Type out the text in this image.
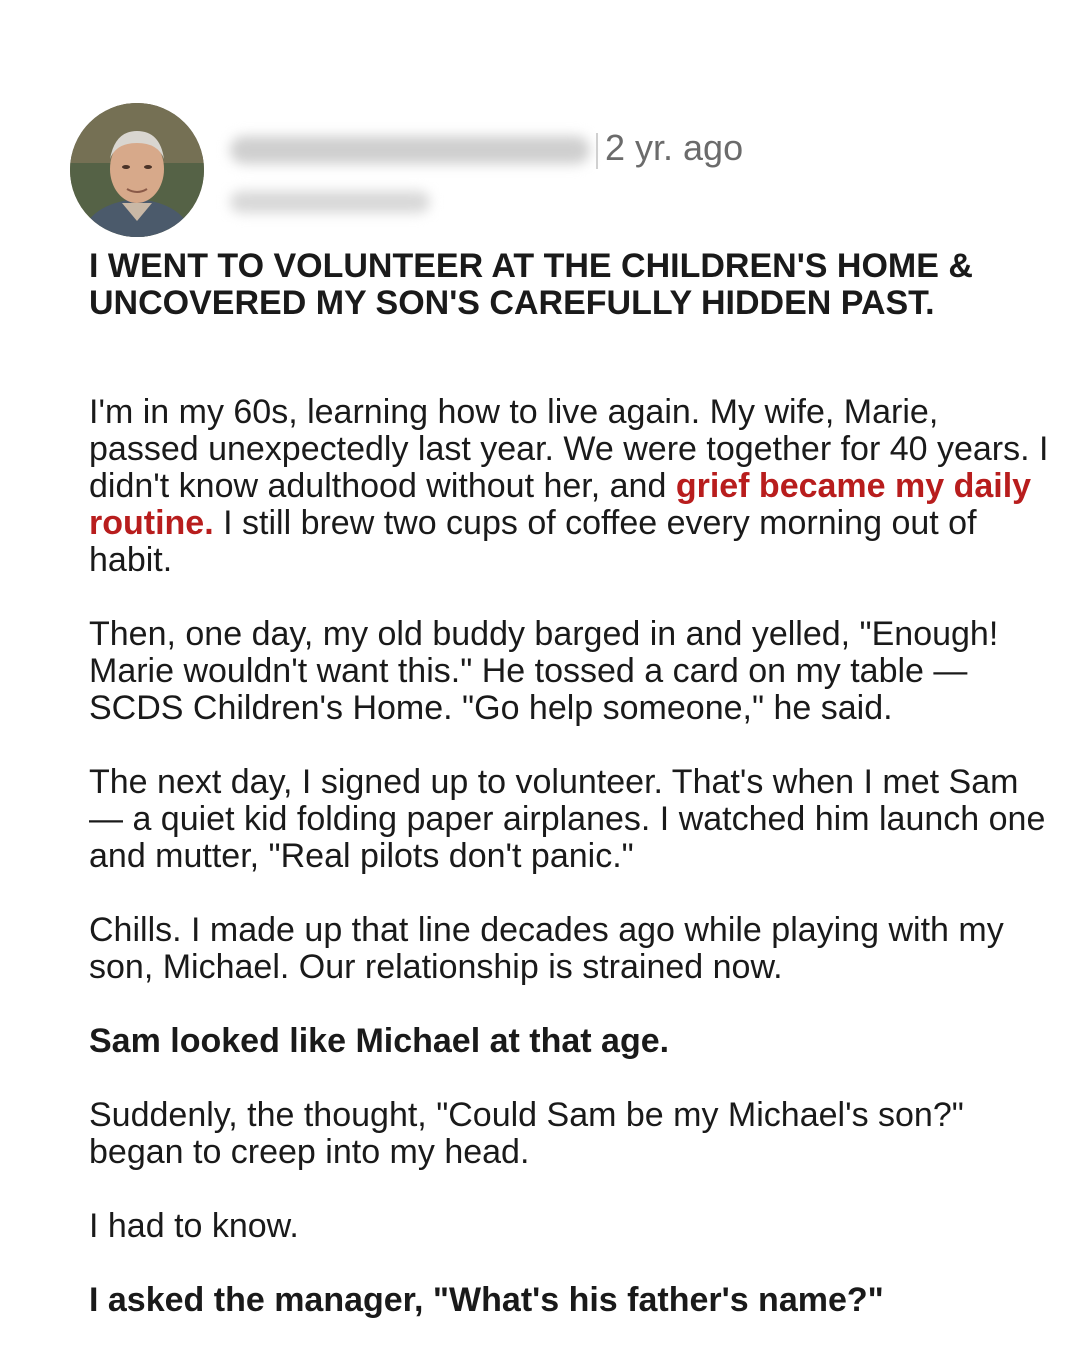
2 yr. ago
I WENT TO VOLUNTEER AT THE CHILDREN'S HOME & UNCOVERED MY SON'S CAREFULLY HIDDEN PAST.

I'm in my 60s, learning how to live again. My wife, Marie, passed unexpectedly last year. We were together for 40 years. I didn't know adulthood without her, and grief became my daily routine. I still brew two cups of coffee every morning out of habit.

Then, one day, my old buddy barged in and yelled, "Enough! Marie wouldn't want this." He tossed a card on my table — SCDS Children's Home. "Go help someone," he said.

The next day, I signed up to volunteer. That's when I met Sam — a quiet kid folding paper airplanes. I watched him launch one and mutter, "Real pilots don't panic."

Chills. I made up that line decades ago while playing with my son, Michael. Our relationship is strained now.

Sam looked like Michael at that age.

Suddenly, the thought, "Could Sam be my Michael's son?" began to creep into my head.

I had to know.

I asked the manager, "What's his father's name?"
